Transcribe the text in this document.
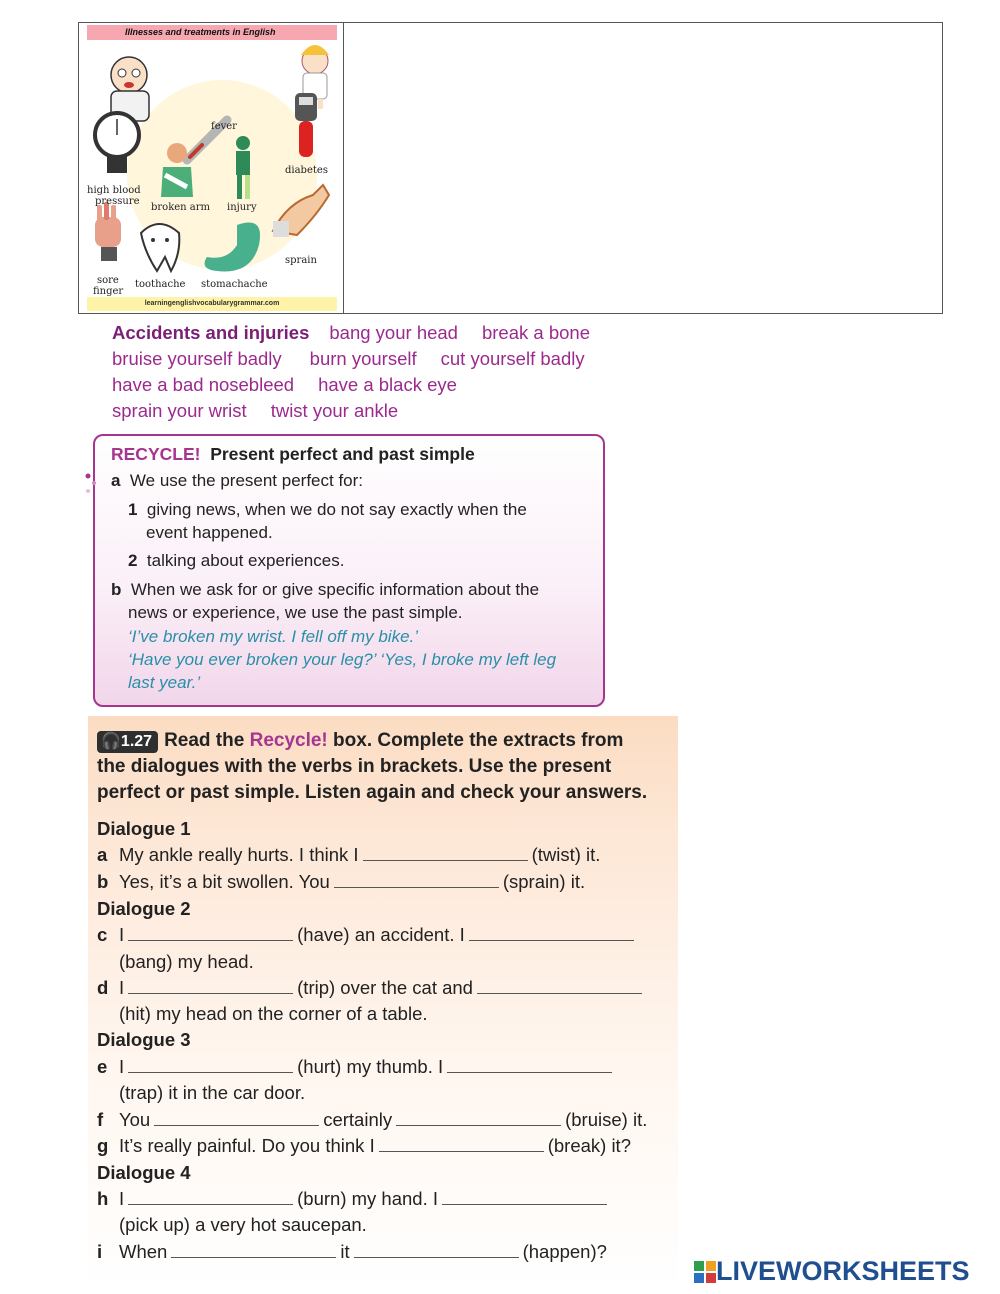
Illnesses and treatments in English
fever
diabetes
high blood
pressure
broken arm injury
sprain
sore
finger
toothache stomachache
learningenglishvocabularygrammar.com
Accidents and injuries bang your head break a bone
bruise yourself badly burn yourself cut yourself badly
have a bad nosebleed have a black eye
sprain your wrist twist your ankle
RECYCLE! Present perfect and past simple
a We use the present perfect for:
1 giving news, when we do not say exactly when the
event happened.
2 talking about experiences.
b When we ask for or give specific information about the
news or experience, we use the past simple.
‘I’ve broken my wrist. I fell off my bike.’
‘Have you ever broken your leg?’ ‘Yes, I broke my left leg
last year.’
🎧1.27 Read the Recycle! box. Complete the extracts from
the dialogues with the verbs in brackets. Use the present
perfect or past simple. Listen again and check your answers.
Dialogue 1
a My ankle really hurts. I think I	(twist) it.
b Yes, it’s a bit swollen. You	(sprain) it.
Dialogue 2
c I	(have) an accident. I
(bang) my head.
d I	(trip) over the cat and
(hit) my head on the corner of a table.
Dialogue 3
e I	(hurt) my thumb. I
(trap) it in the car door.
f You	certainly	(bruise) it.
g It’s really painful. Do you think I	(break) it?
Dialogue 4
h I	(burn) my hand. I
(pick up) a very hot saucepan.
i When	it	(happen)?
LIVEWORKSHEETS
